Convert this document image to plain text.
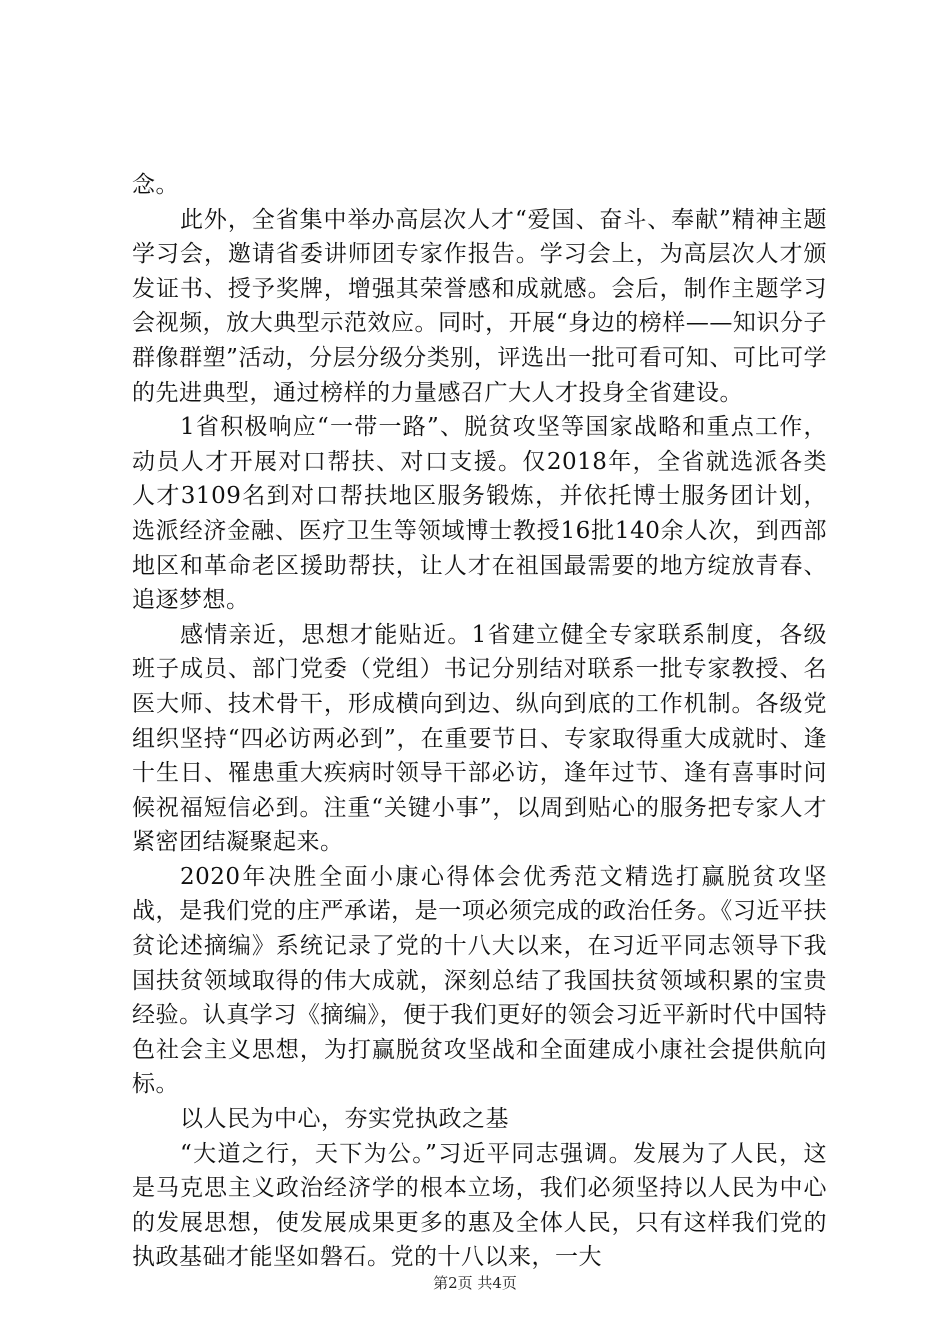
念。

此外，全省集中举办高层次人才“爱国、奋斗、奉献”精神主题学习会，邀请省委讲师团专家作报告。学习会上，为高层次人才颁发证书、授予奖牌，增强其荣誉感和成就感。会后，制作主题学习会视频，放大典型示范效应。同时，开展“身边的榜样——知识分子群像群塑”活动，分层分级分类别，评选出一批可看可知、可比可学的先进典型，通过榜样的力量感召广大人才投身全省建设。

1省积极响应“一带一路”、脱贫攻坚等国家战略和重点工作，动员人才开展对口帮扶、对口支援。仅2018年，全省就选派各类人才3109名到对口帮扶地区服务锻炼，并依托博士服务团计划，选派经济金融、医疗卫生等领域博士教授16批140余人次，到西部地区和革命老区援助帮扶，让人才在祖国最需要的地方绽放青春、追逐梦想。

感情亲近，思想才能贴近。1省建立健全专家联系制度，各级班子成员、部门党委（党组）书记分别结对联系一批专家教授、名医大师、技术骨干，形成横向到边、纵向到底的工作机制。各级党组织坚持“四必访两必到”，在重要节日、专家取得重大成就时、逢十生日、罹患重大疾病时领导干部必访，逢年过节、逢有喜事时问候祝福短信必到。注重“关键小事”，以周到贴心的服务把专家人才紧密团结凝聚起来。

2020年决胜全面小康心得体会优秀范文精选打赢脱贫攻坚战，是我们党的庄严承诺，是一项必须完成的政治任务。《习近平扶贫论述摘编》系统记录了党的十八大以来，在习近平同志领导下我国扶贫领域取得的伟大成就，深刻总结了我国扶贫领域积累的宝贵经验。认真学习《摘编》，便于我们更好的领会习近平新时代中国特色社会主义思想，为打赢脱贫攻坚战和全面建成小康社会提供航向标。

以人民为中心，夯实党执政之基

“大道之行，天下为公。”习近平同志强调。发展为了人民，这是马克思主义政治经济学的根本立场，我们必须坚持以人民为中心的发展思想，使发展成果更多的惠及全体人民，只有这样我们党的执政基础才能坚如磐石。党的十八以来，一大

第2页 共4页
